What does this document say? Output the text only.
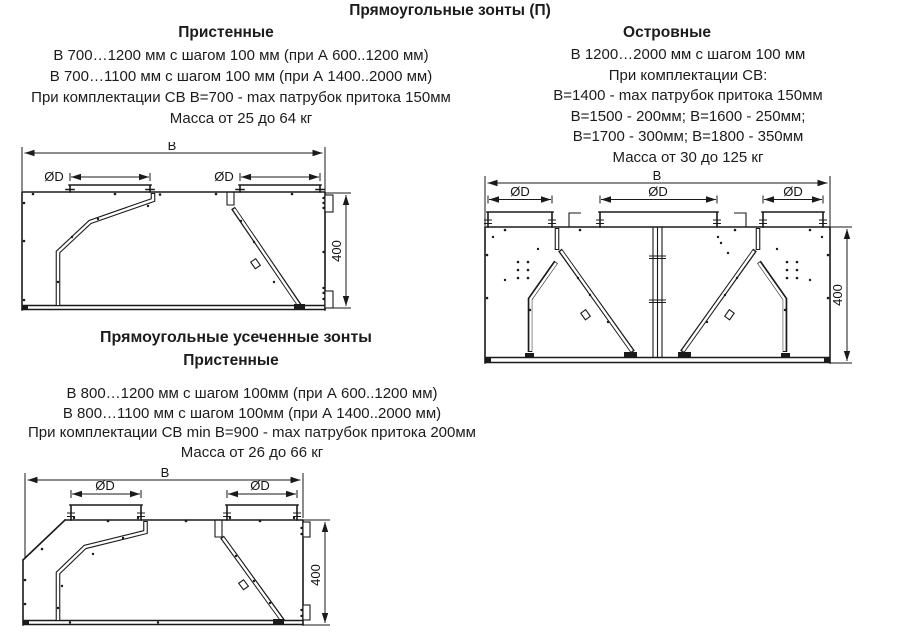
Прямоугольные зонты (П)
Пристенные
В 700…1200 мм с шагом 100 мм (при А 600..1200 мм)
В 700…1100 мм с шагом 100 мм (при А 1400..2000 мм)
При комплектации СВ В=700 - max патрубок притока 150мм
Масса от 25 до 64 кг
Островные
В 1200…2000 мм с шагом 100 мм
При комплектации СВ:
В=1400 - max патрубок притока 150мм
В=1500 - 200мм; В=1600 - 250мм;
В=1700 - 300мм; В=1800 - 350мм
Масса от 30 до 125 кг
B
ØD	ØD
400
B
ØD	ØD	ØD
400
Прямоугольные усеченные зонты
Пристенные
В 800…1200 мм с шагом 100мм (при А 600..1200 мм)
В 800…1100 мм с шагом 100мм (при А 1400..2000 мм)
При комплектации СВ min В=900 - max патрубок притока 200мм
Масса от 26 до 66 кг
B
ØD	ØD
400
